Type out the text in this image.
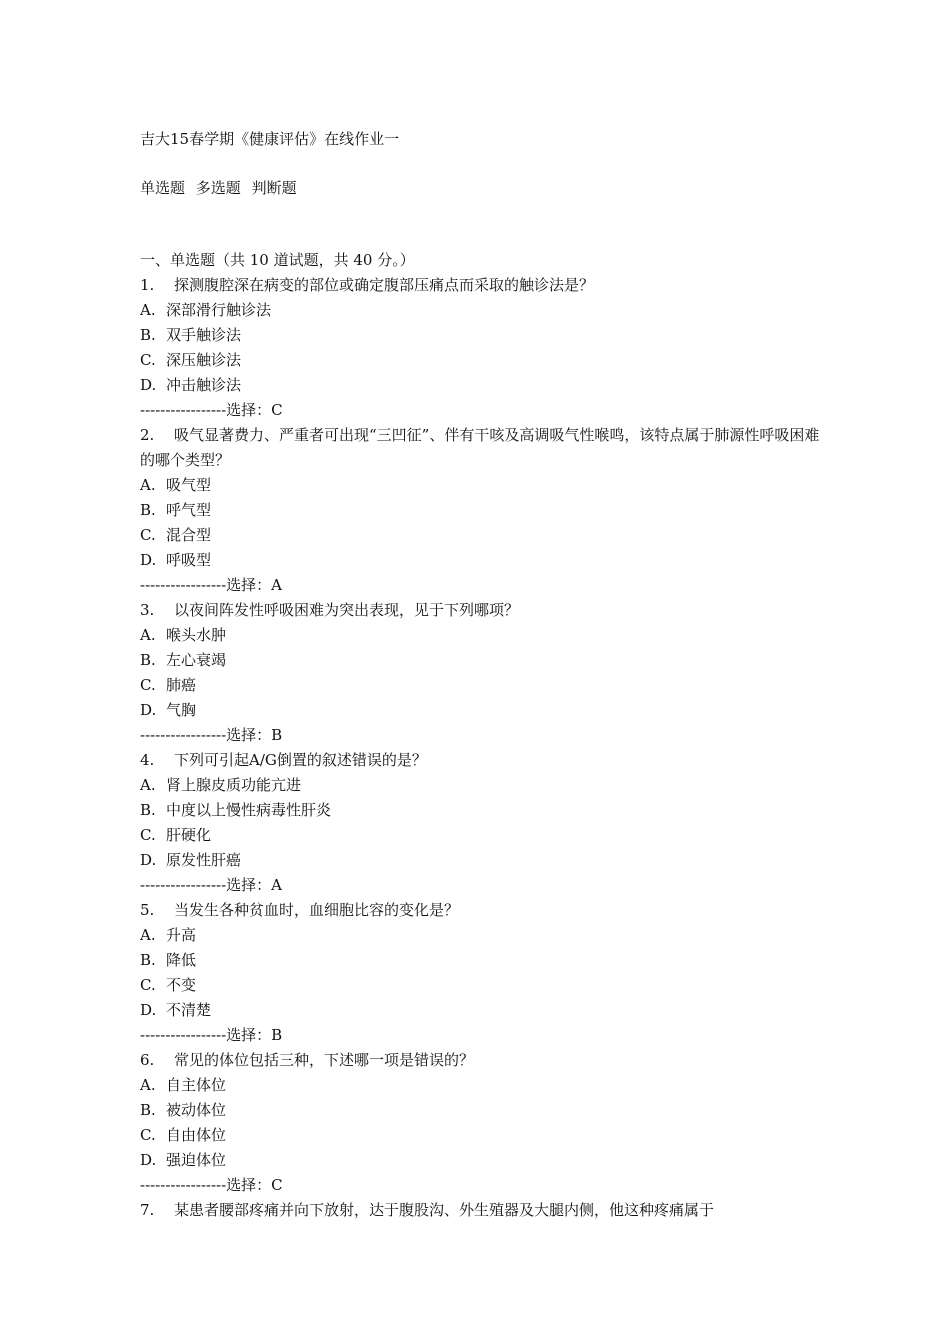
吉大15春学期《健康评估》在线作业一
单选题 多选题 判断题
一、单选题（共 10 道试题，共 40 分。）
1. 探测腹腔深在病变的部位或确定腹部压痛点而采取的触诊法是？
A. 深部滑行触诊法
B. 双手触诊法
C. 深压触诊法
D. 冲击触诊法
-----------------选择：C
2. 吸气显著费力、严重者可出现“三凹征”、伴有干咳及高调吸气性喉鸣，该特点属于肺源性呼吸困难的哪个类型？
A. 吸气型
B. 呼气型
C. 混合型
D. 呼吸型
-----------------选择：A
3. 以夜间阵发性呼吸困难为突出表现，见于下列哪项？
A. 喉头水肿
B. 左心衰竭
C. 肺癌
D. 气胸
-----------------选择：B
4. 下列可引起A/G倒置的叙述错误的是？
A. 肾上腺皮质功能亢进
B. 中度以上慢性病毒性肝炎
C. 肝硬化
D. 原发性肝癌
-----------------选择：A
5. 当发生各种贫血时，血细胞比容的变化是？
A. 升高
B. 降低
C. 不变
D. 不清楚
-----------------选择：B
6. 常见的体位包括三种，下述哪一项是错误的？
A. 自主体位
B. 被动体位
C. 自由体位
D. 强迫体位
-----------------选择：C
7. 某患者腰部疼痛并向下放射，达于腹股沟、外生殖器及大腿内侧，他这种疼痛属于
